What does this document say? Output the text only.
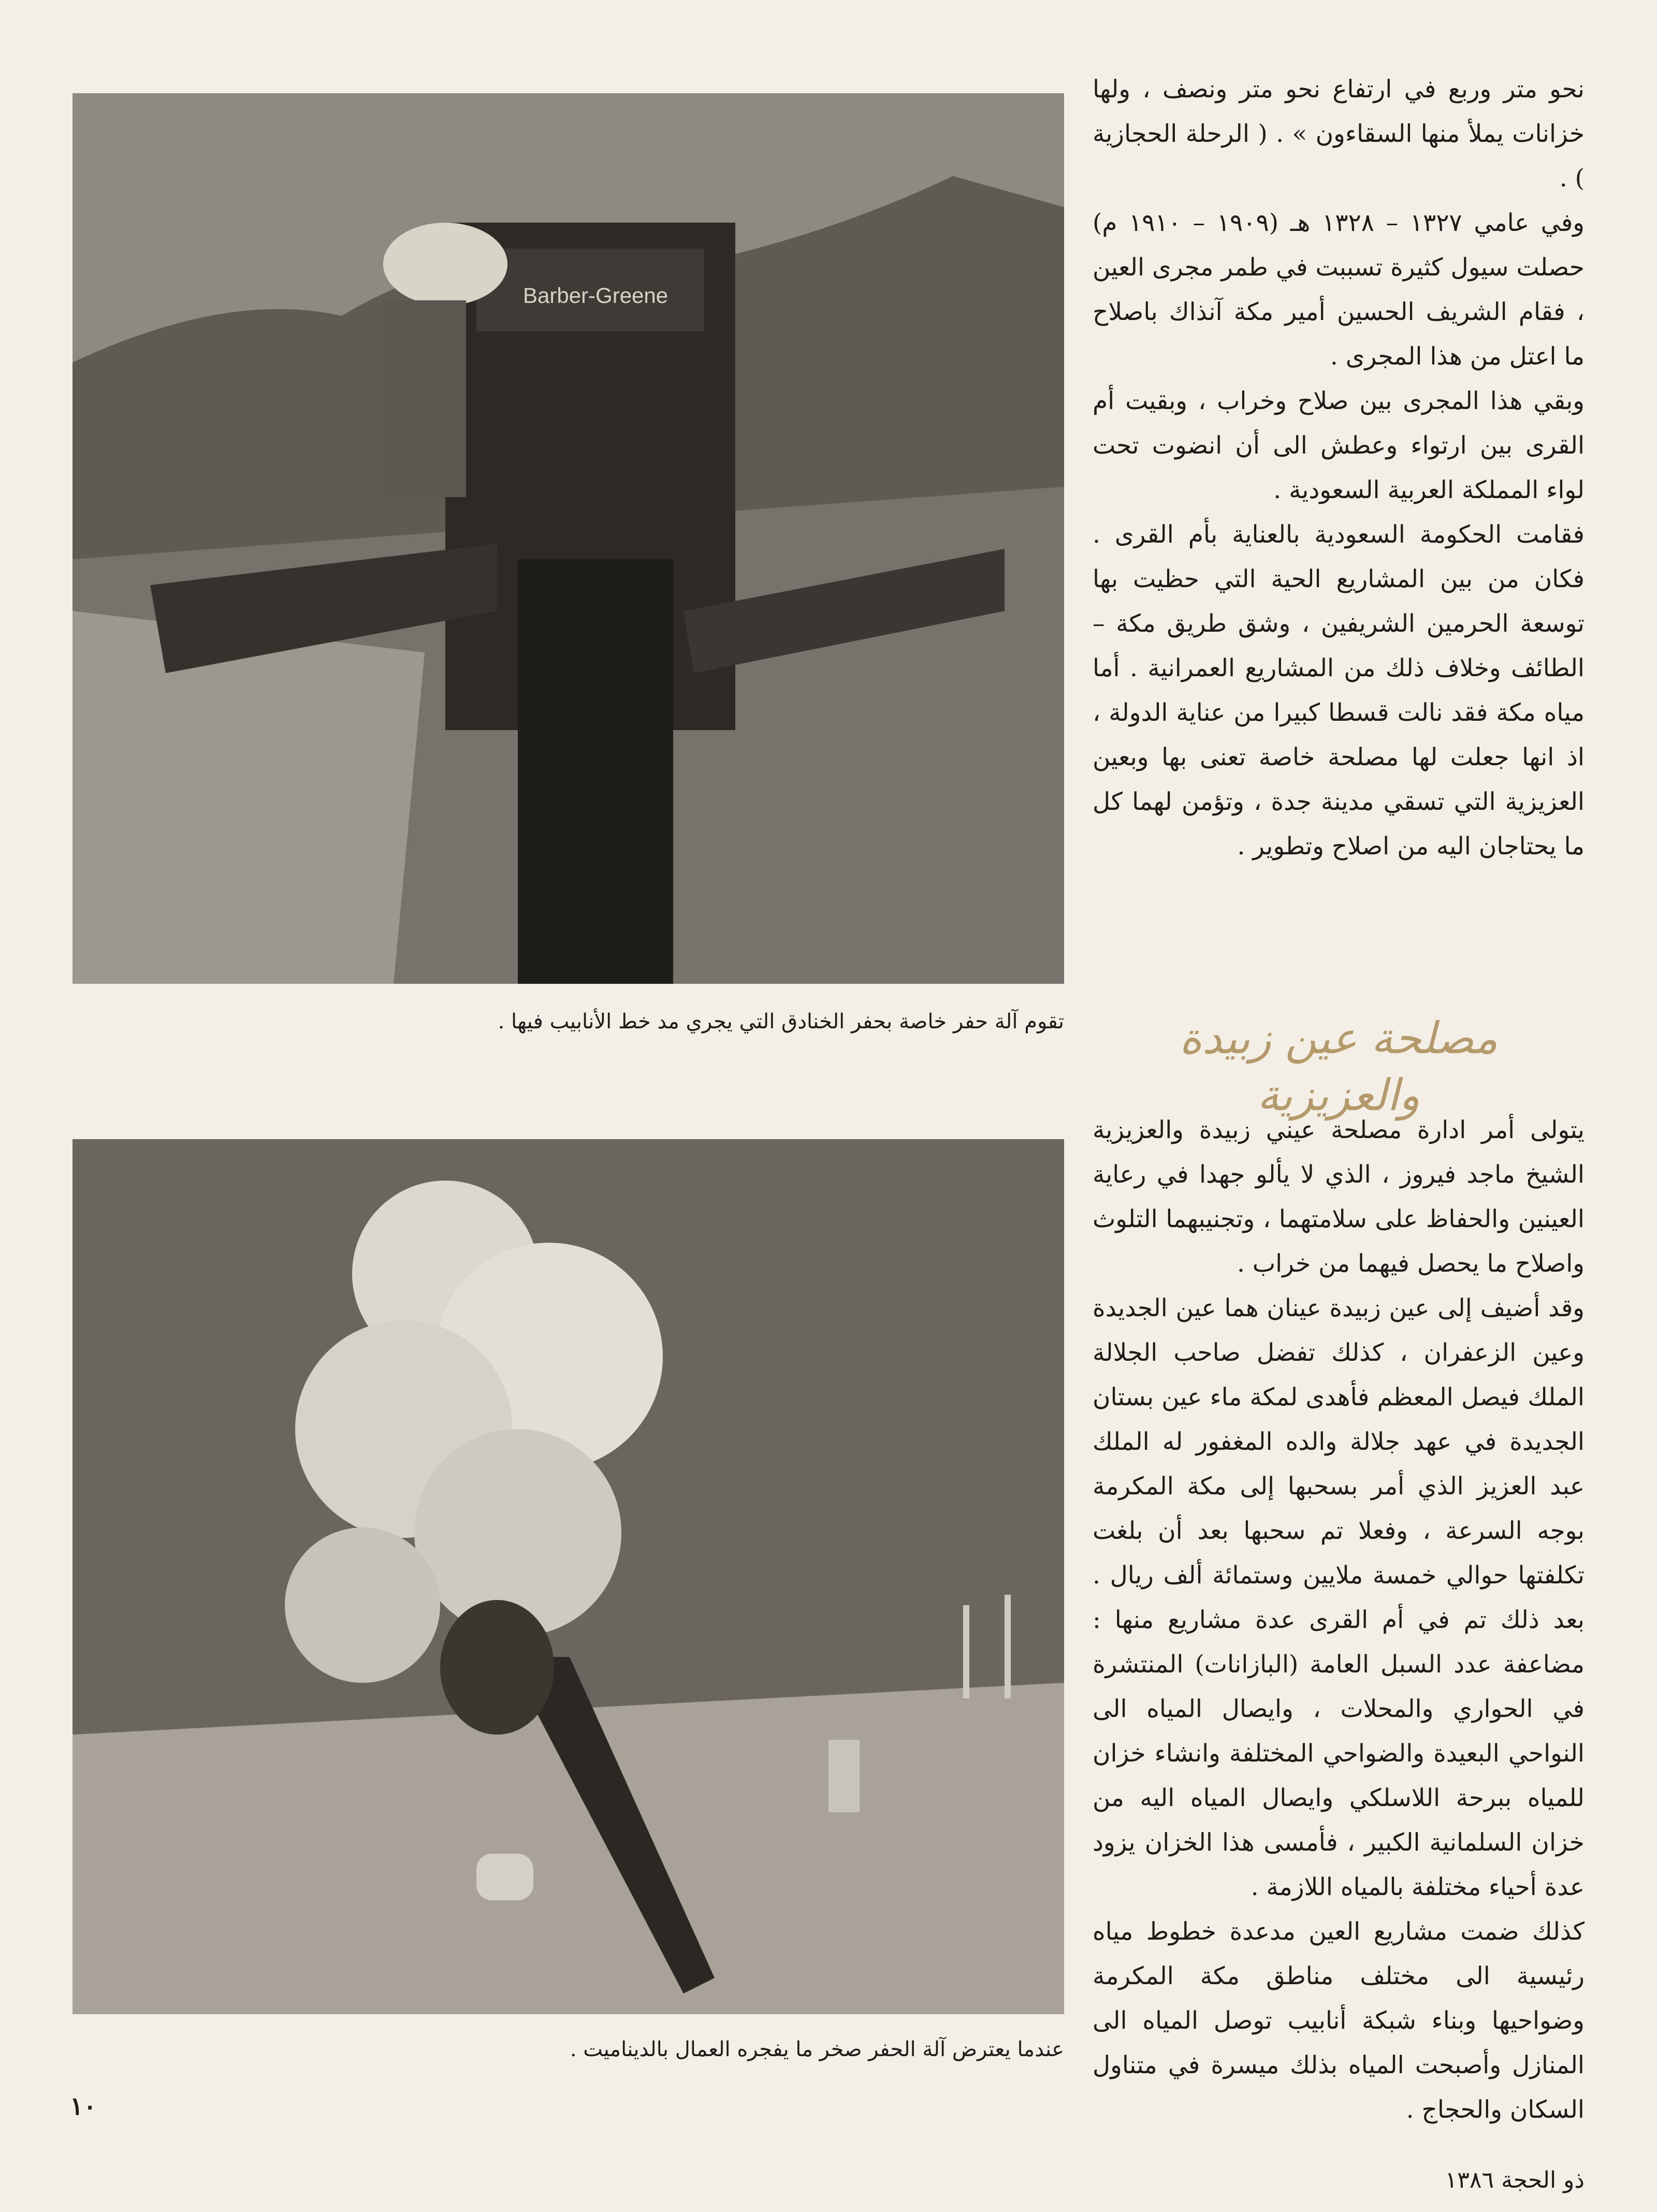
Barber-Greene
تقوم آلة حفر خاصة بحفر الخنادق التي يجري مد خط الأنابيب فيها .
عندما يعترض آلة الحفر صخر ما يفجره العمال بالديناميت .

نحو متر وربع في ارتفاع نحو متر ونصف ، ولها خزانات يملأ منها السقاءون » . ( الرحلة الحجازية ) .

وفي عامي ١٣٢٧ – ١٣٢٨ هـ (١٩٠٩ – ١٩١٠ م) حصلت سيول كثيرة تسببت في طمر مجرى العين ، فقام الشريف الحسين أمير مكة آنذاك باصلاح ما اعتل من هذا المجرى .

وبقي هذا المجرى بين صلاح وخراب ، وبقيت أم القرى بين ارتواء وعطش الى أن انضوت تحت لواء المملكة العربية السعودية .

فقامت الحكومة السعودية بالعناية بأم القرى . فكان من بين المشاريع الحية التي حظيت بها توسعة الحرمين الشريفين ، وشق طريق مكة – الطائف وخلاف ذلك من المشاريع العمرانية . أما مياه مكة فقد نالت قسطا كبيرا من عناية الدولة ، اذ انها جعلت لها مصلحة خاصة تعنى بها وبعين العزيزية التي تسقي مدينة جدة ، وتؤمن لهما كل ما يحتاجان اليه من اصلاح وتطوير .

مصلحة عين زبيدة والعزيزية

يتولى أمر ادارة مصلحة عيني زبيدة والعزيزية الشيخ ماجد فيروز ، الذي لا يألو جهدا في رعاية العينين والحفاظ على سلامتهما ، وتجنيبهما التلوث واصلاح ما يحصل فيهما من خراب .

وقد أضيف إلى عين زبيدة عينان هما عين الجديدة وعين الزعفران ، كذلك تفضل صاحب الجلالة الملك فيصل المعظم فأهدى لمكة ماء عين بستان الجديدة في عهد جلالة والده المغفور له الملك عبد العزيز الذي أمر بسحبها إلى مكة المكرمة بوجه السرعة ، وفعلا تم سحبها بعد أن بلغت تكلفتها حوالي خمسة ملايين وستمائة ألف ريال . بعد ذلك تم في أم القرى عدة مشاريع منها : مضاعفة عدد السبل العامة (البازانات) المنتشرة في الحواري والمحلات ، وايصال المياه الى النواحي البعيدة والضواحي المختلفة وانشاء خزان للمياه ببرحة اللاسلكي وايصال المياه اليه من خزان السلمانية الكبير ، فأمسى هذا الخزان يزود عدة أحياء مختلفة بالمياه اللازمة .

كذلك ضمت مشاريع العين مدعدة خطوط مياه رئيسية الى مختلف مناطق مكة المكرمة وضواحيها وبناء شبكة أنابيب توصل المياه الى المنازل وأصبحت المياه بذلك ميسرة في متناول السكان والحجاج .

١٠
ذو الحجة ١٣٨٦
